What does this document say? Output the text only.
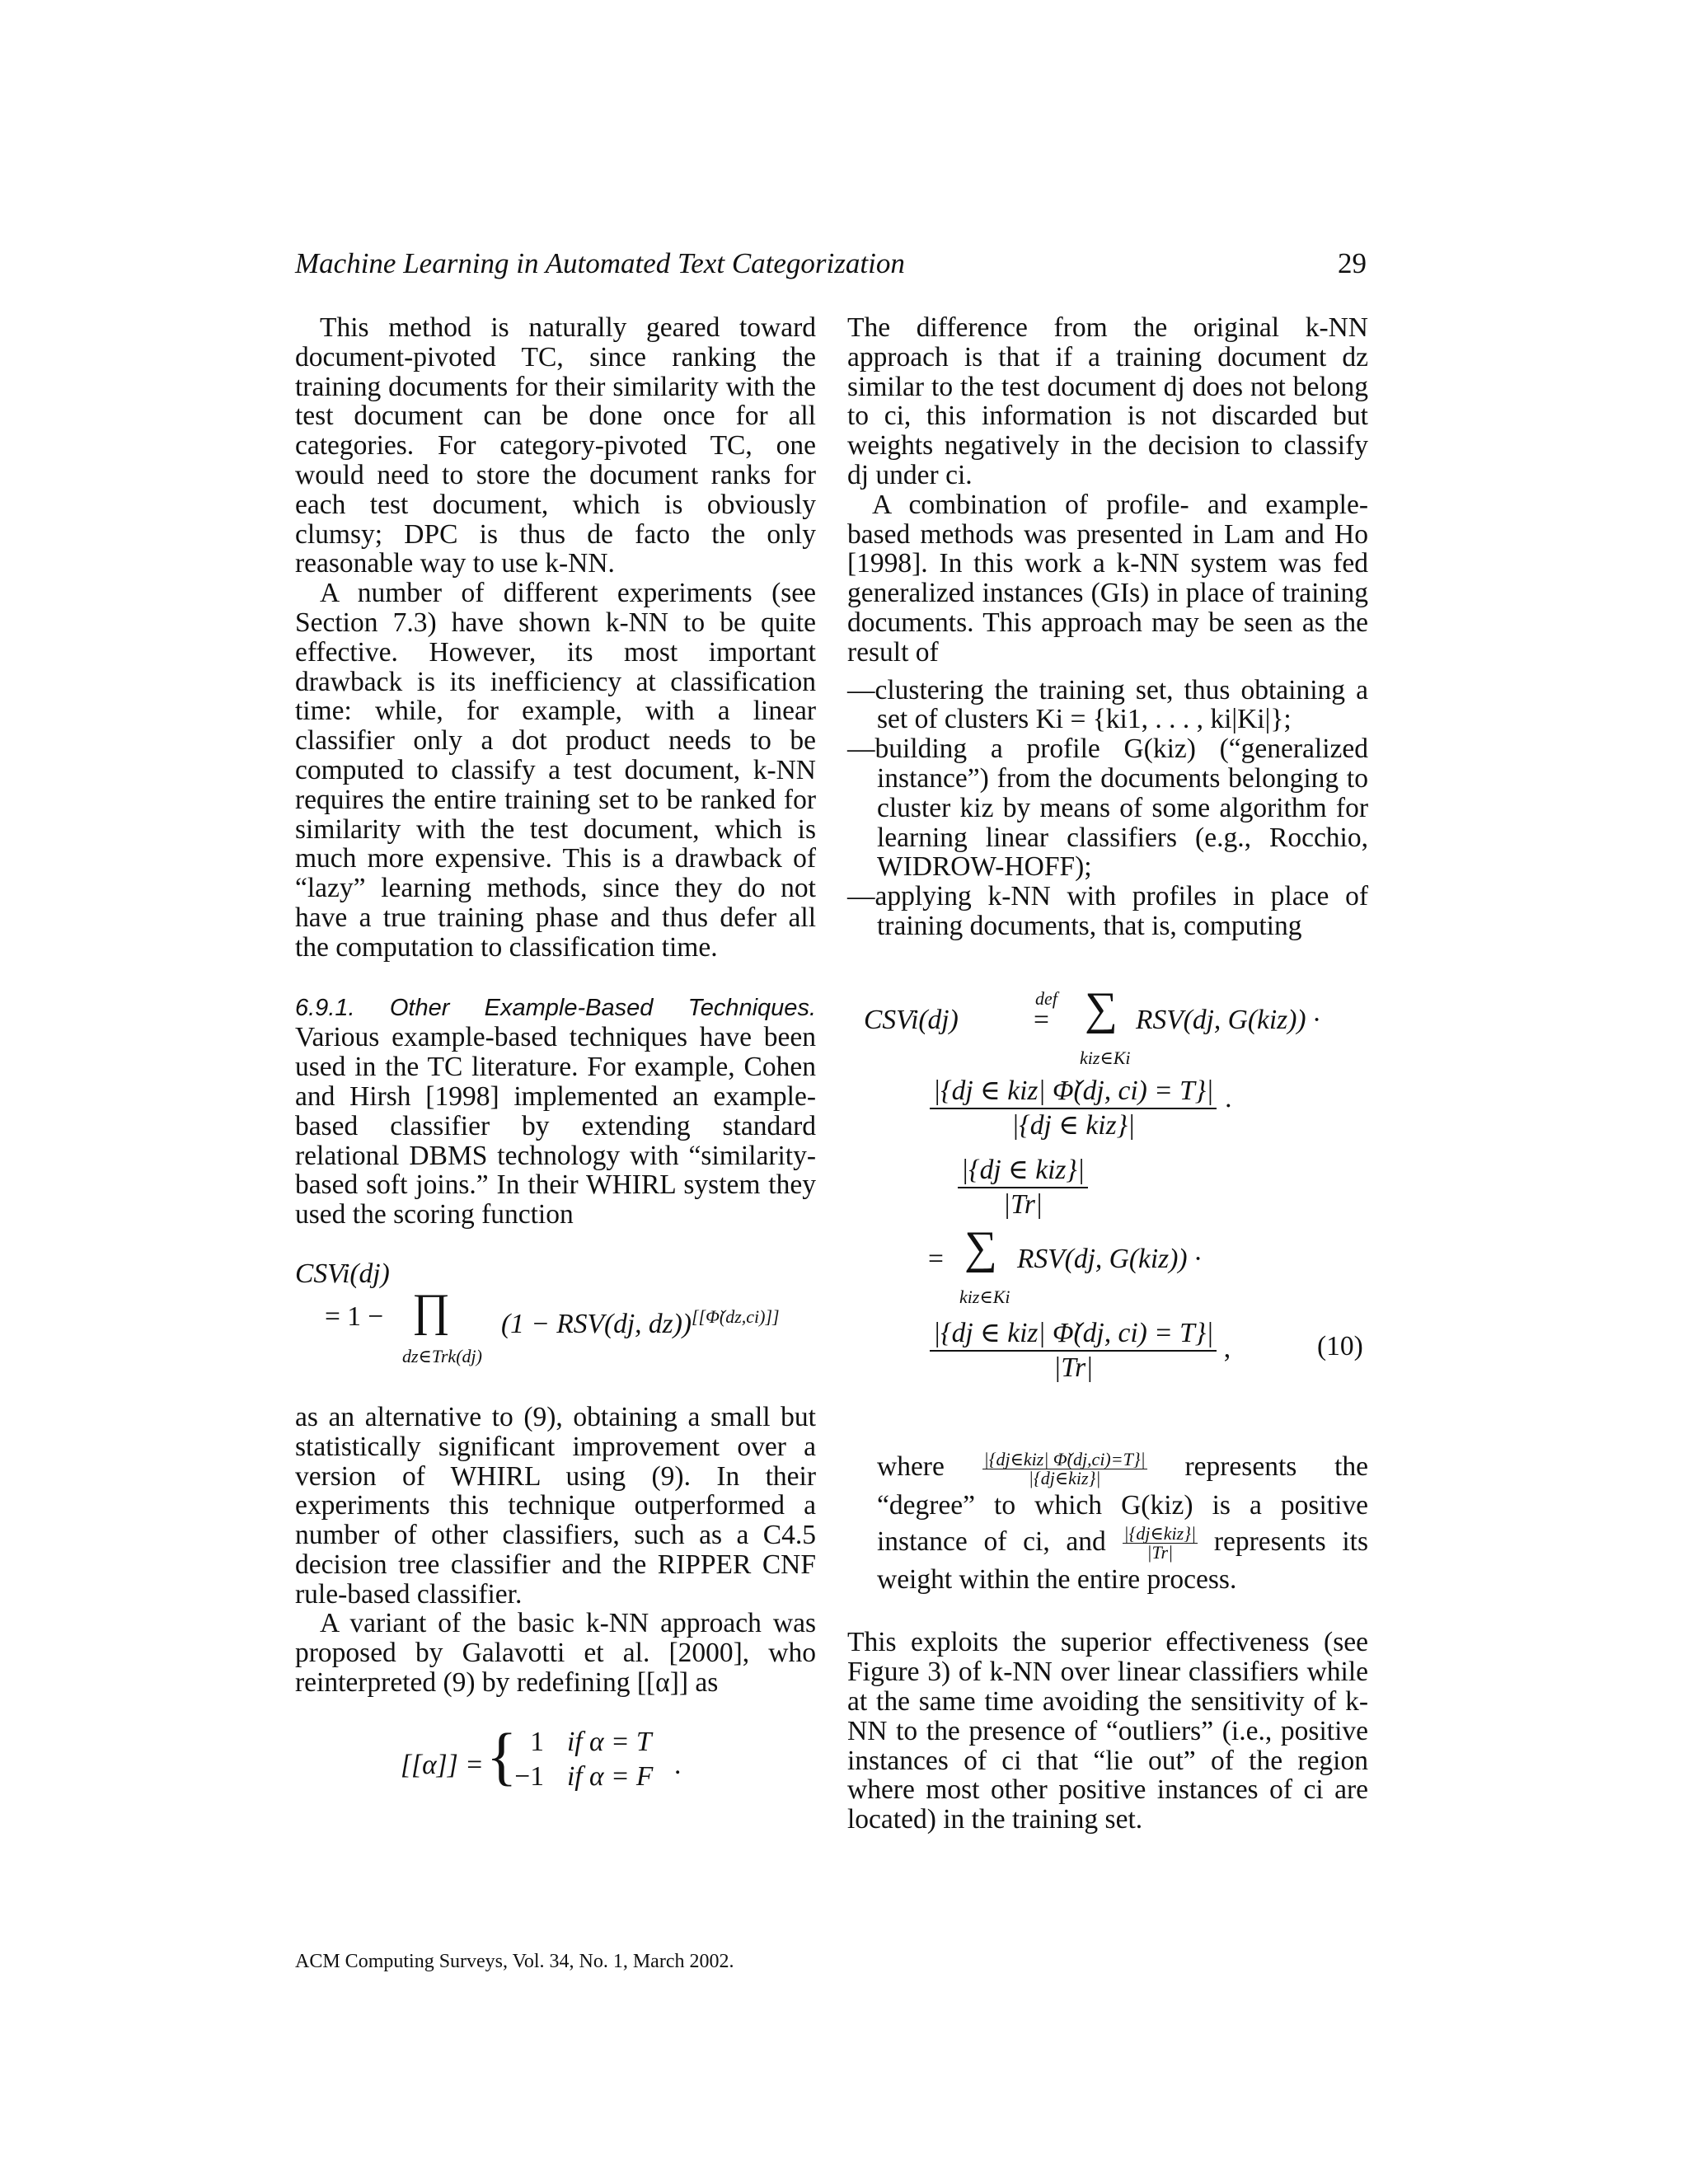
Machine Learning in Automated Text Categorization	29

This method is naturally geared toward document-pivoted TC, since ranking the training documents for their similarity with the test document can be done once for all categories. For category-pivoted TC, one would need to store the document ranks for each test document, which is obviously clumsy; DPC is thus de facto the only reasonable way to use k-NN.

A number of different experiments (see Section 7.3) have shown k-NN to be quite effective. However, its most important drawback is its inefficiency at classification time: while, for example, with a linear classifier only a dot product needs to be computed to classify a test document, k-NN requires the entire training set to be ranked for similarity with the test document, which is much more expensive. This is a drawback of “lazy” learning methods, since they do not have a true training phase and thus defer all the computation to classification time.

6.9.1. Other Example-Based Techniques. Various example-based techniques have been used in the TC literature. For example, Cohen and Hirsh [1998] implemented an example-based classifier by extending standard relational DBMS technology with “similarity-based soft joins.” In their WHIRL system they used the scoring function

CSVi(dj)
= 1 − ∏
dz∈Trk(dj)
(1 − RSV(dj, dz))[[Φ̌(dz,ci)]]

as an alternative to (9), obtaining a small but statistically significant improvement over a version of WHIRL using (9). In their experiments this technique outperformed a number of other classifiers, such as a C4.5 decision tree classifier and the RIPPER CNF rule-based classifier.

A variant of the basic k-NN approach was proposed by Galavotti et al. [2000], who reinterpreted (9) by redefining [[α]] as

[[α]] = { 1 if α = T
−1 if α = F .

The difference from the original k-NN approach is that if a training document dz similar to the test document dj does not belong to ci, this information is not discarded but weights negatively in the decision to classify dj under ci.

A combination of profile- and example-based methods was presented in Lam and Ho [1998]. In this work a k-NN system was fed generalized instances (GIs) in place of training documents. This approach may be seen as the result of

—clustering the training set, thus obtaining a set of clusters Ki = {ki1, . . . , ki|Ki|};
—building a profile G(kiz) (“generalized instance”) from the documents belonging to cluster kiz by means of some algorithm for learning linear classifiers (e.g., Rocchio, WIDROW-HOFF);
—applying k-NN with profiles in place of training documents, that is, computing
CSVi(dj)
def
= ∑
kiz∈Ki
RSV(dj, G(kiz)) ·
$\frac{\text{|\{dj ∈ kiz| Φ̌(dj, ci) = T\}|}}{\text{|\{dj ∈ kiz\}|}}$ ·
$\frac{\text{|\{dj ∈ kiz\}|}}{|Tr|}$
= ∑
kiz∈Ki
RSV(dj, G(kiz)) ·
$\frac{\text{|\{dj ∈ kiz| Φ̌(dj, ci) = T\}|}}{|Tr|}$ ,	(10)

where $\frac{\text{|\{dj∈kiz| Φ̌(dj,ci)=T\}|}}{\text{|\{dj∈kiz\}|}}$ represents the “degree” to which G(kiz) is a positive instance of ci, and $\frac{\text{|\{dj∈kiz\}|}}{|Tr|}$ represents its weight within the entire process.

This exploits the superior effectiveness (see Figure 3) of k-NN over linear classifiers while at the same time avoiding the sensitivity of k-NN to the presence of “outliers” (i.e., positive instances of ci that “lie out” of the region where most other positive instances of ci are located) in the training set.

ACM Computing Surveys, Vol. 34, No. 1, March 2002.
